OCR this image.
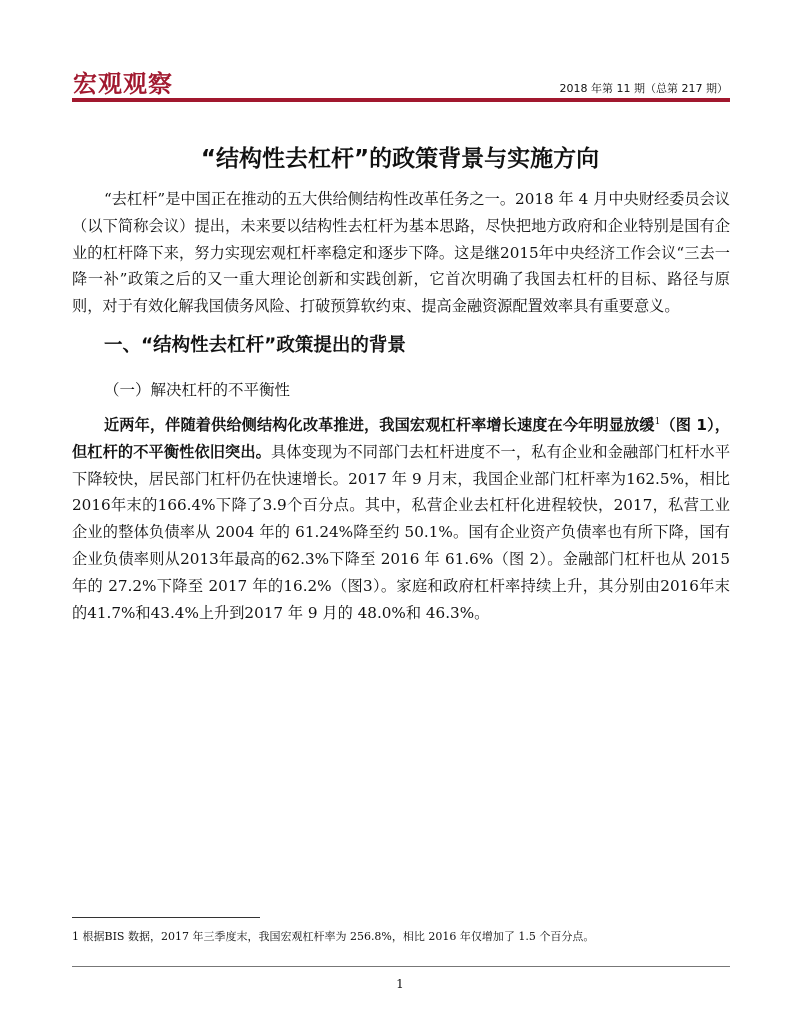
宏观观察	2018 年第 11 期（总第 217 期）
“结构性去杠杆”的政策背景与实施方向

“去杠杆”是中国正在推动的五大供给侧结构性改革任务之一。2018 年 4 月中央财经委员会议（以下简称会议）提出，未来要以结构性去杠杆为基本思路，尽快把地方政府和企业特别是国有企业的杠杆降下来，努力实现宏观杠杆率稳定和逐步下降。这是继2015年中央经济工作会议“三去一降一补”政策之后的又一重大理论创新和实践创新，它首次明确了我国去杠杆的目标、路径与原则，对于有效化解我国债务风险、打破预算软约束、提高金融资源配置效率具有重要意义。

一、“结构性去杠杆”政策提出的背景
（一）解决杠杆的不平衡性

近两年，伴随着供给侧结构化改革推进，我国宏观杠杆率增长速度在今年明显放缓$^1$（图 1），但杠杆的不平衡性依旧突出。具体变现为不同部门去杠杆进度不一，私有企业和金融部门杠杆水平下降较快，居民部门杠杆仍在快速增长。2017 年 9 月末，我国企业部门杠杆率为162.5%，相比2016年末的166.4%下降了3.9个百分点。其中，私营企业去杠杆化进程较快，2017，私营工业企业的整体负债率从 2004 年的 61.24%降至约 50.1%。国有企业资产负债率也有所下降，国有企业负债率则从2013年最高的62.3%下降至 2016 年 61.6%（图 2）。金融部门杠杆也从 2015 年的 27.2%下降至 2017 年的16.2%（图3）。家庭和政府杠杆率持续上升，其分别由2016年末的41.7%和43.4%上升到2017 年 9 月的 48.0%和 46.3%。

1 根据BIS 数据，2017 年三季度末，我国宏观杠杆率为 256.8%，相比 2016 年仅增加了 1.5 个百分点。
1
